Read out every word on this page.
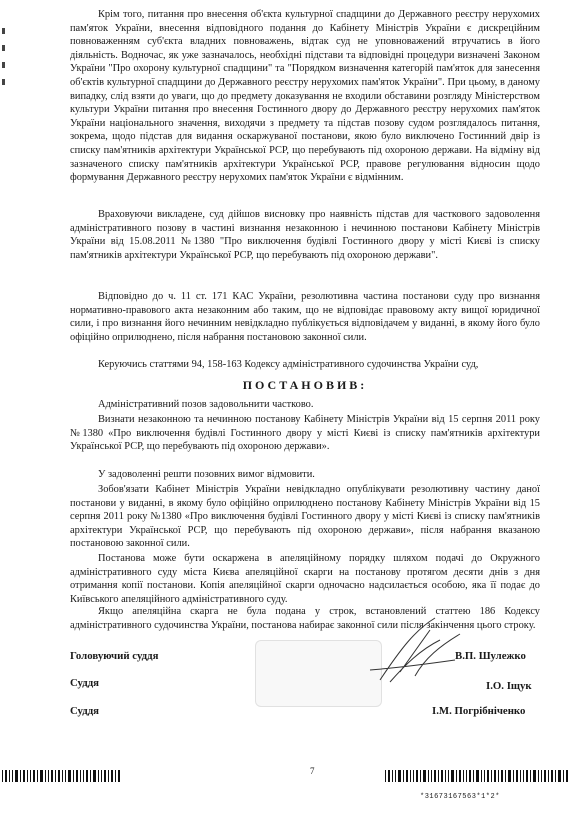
Крім того, питання про внесення об'єкта культурної спадщини до Державного реєстру нерухомих пам'яток України, внесення відповідного подання до Кабінету Міністрів України є дискреційним повноваженням суб'єкта владних повноважень, відтак суд не уповноважений втручатись в його діяльність. Водночас, як уже зазначалось, необхідні підстави та відповідні процедури визначені Законом України "Про охорону культурної спадщини" та "Порядком визначення категорій пам'яток для занесення об'єктів культурної спадщини до Державного реєстру нерухомих пам'яток України". При цьому, в даному випадку, слід взяти до уваги, що до предмету доказування не входили обставини розгляду Міністерством культури України питання про внесення Гостинного двору до Державного реєстру нерухомих пам'яток України національного значення, виходячи з предмету та підстав позову судом розглядалось питання, зокрема, щодо підстав для видання оскаржуваної постанови, якою було виключено Гостинний двір із списку пам'ятників архітектури Української РСР, що перебувають під охороною держави. На відміну від зазначеного списку пам'ятників архітектури Української РСР, правове регулювання відносин щодо формування Державного реєстру нерухомих пам'яток України є відмінним.

Враховуючи викладене, суд дійшов висновку про наявність підстав для часткового задоволення адміністративного позову в частині визнання незаконною і нечинною постанови Кабінету Міністрів України від 15.08.2011 №1380 "Про виключення будівлі Гостинного двору у місті Києві із списку пам'ятників архітектури Української РСР, що перебувають під охороною держави".

Відповідно до ч. 11 ст. 171 КАС України, резолютивна частина постанови суду про визнання нормативно-правового акта незаконним або таким, що не відповідає правовому акту вищої юридичної сили, і про визнання його нечинним невідкладно публікується відповідачем у виданні, в якому його було офіційно оприлюднено, після набрання постановою законної сили.

Керуючись статтями 94, 158-163 Кодексу адміністративного судочинства України суд,

ПОСТАНОВИВ:

Адміністративний позов задовольнити частково.

Визнати незаконною та нечинною постанову Кабінету Міністрів України від 15 серпня 2011 року №1380 «Про виключення будівлі Гостинного двору у місті Києві із списку пам'ятників архітектури Української РСР, що перебувають під охороною держави».

У задоволенні решти позовних вимог відмовити.

Зобов'язати Кабінет Міністрів України невідкладно опублікувати резолютивну частину даної постанови у виданні, в якому було офіційно оприлюднено постанову Кабінету Міністрів України від 15 серпня 2011 року №1380 «Про виключення будівлі Гостинного двору у місті Києві із списку пам'ятників архітектури Української РСР, що перебувають під охороною держави», після набрання вказаною постановою законної сили.

Постанова може бути оскаржена в апеляційному порядку шляхом подачі до Окружного адміністративного суду міста Києва апеляційної скарги на постанову протягом десяти днів з дня отримання копії постанови. Копія апеляційної скарги одночасно надсилається особою, яка її подає до Київського апеляційного адміністративного суду.

Якщо апеляційна скарга не була подана у строк, встановлений статтею 186 Кодексу адміністративного судочинства України, постанова набирає законної сили після закінчення цього строку.

Головуючий суддя	В.П. Шулежко
Суддя	І.О. Іщук
Суддя	І.М. Погрібніченко
7
*31673167563*1*2*
